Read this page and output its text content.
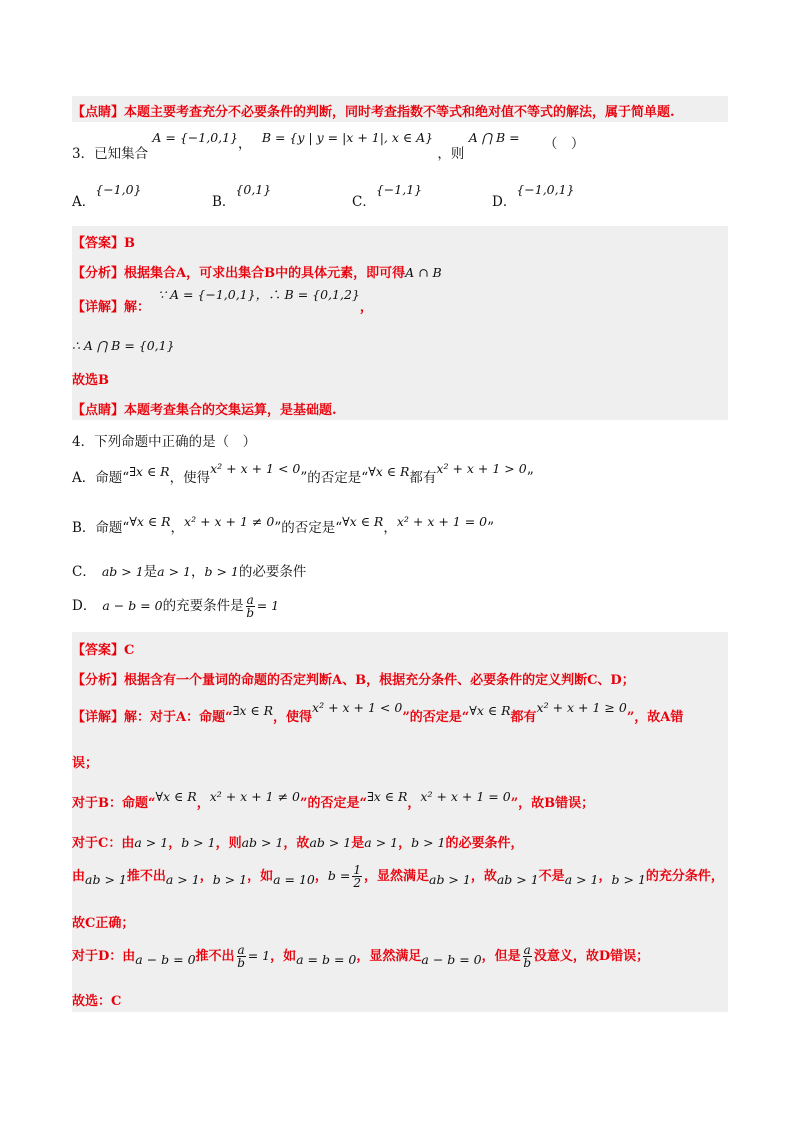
【点睛】本题主要考查充分不必要条件的判断，同时考查指数不等式和绝对值不等式的解法，属于简单题.
3．已知集合 A = {−1,0,1}， B = {y | y = |x + 1|, x ∈ A} ，则 A ⋂ B = （　）
A．{−1,0}
B．{0,1}
C．{−1,1}
D．{−1,0,1}
【答案】B
【分析】根据集合A，可求出集合B中的具体元素，即可得A ∩ B
【详解】解：∵ A = {−1,0,1}，∴ B = {0,1,2}，
∴ A ⋂ B = {0,1}
故选B
【点睛】本题考查集合的交集运算，是基础题.
4．下列命题中正确的是（　）
A．命题“∃x ∈ R，使得x² + x + 1 < 0”的否定是“∀x ∈ R都有x² + x + 1 > 0”
B．命题“∀x ∈ R，x² + x + 1 ≠ 0”的否定是“∀x ∈ R，x² + x + 1 = 0”
C． ab > 1是a > 1，b > 1的必要条件
D． a − b = 0的充要条件是 $\frac{a}{b} = 1$
【答案】C
【分析】根据含有一个量词的命题的否定判断A、B，根据充分条件、必要条件的定义判断C、D；
【详解】解：对于A：命题“∃x ∈ R，使得x² + x + 1 < 0”的否定是“∀x ∈ R都有x² + x + 1 ≥ 0”，故A错
误；
对于B：命题“∀x ∈ R，x² + x + 1 ≠ 0”的否定是“∃x ∈ R，x² + x + 1 = 0”，故B错误；
对于C：由a > 1，b > 1，则ab > 1，故ab > 1是a > 1，b > 1的必要条件，
由ab > 1推不出a > 1，b > 1，如a = 10，$b = \frac{1}{2}$ ，显然满足ab > 1，故ab > 1不是a > 1，b > 1的充分条件，
故C正确；
对于D：由a − b = 0推不出 $\frac{a}{b} = 1$，如a = b = 0，显然满足a − b = 0，但是 $\frac{a}{b}$ 没意义，故D错误；
故选：C
